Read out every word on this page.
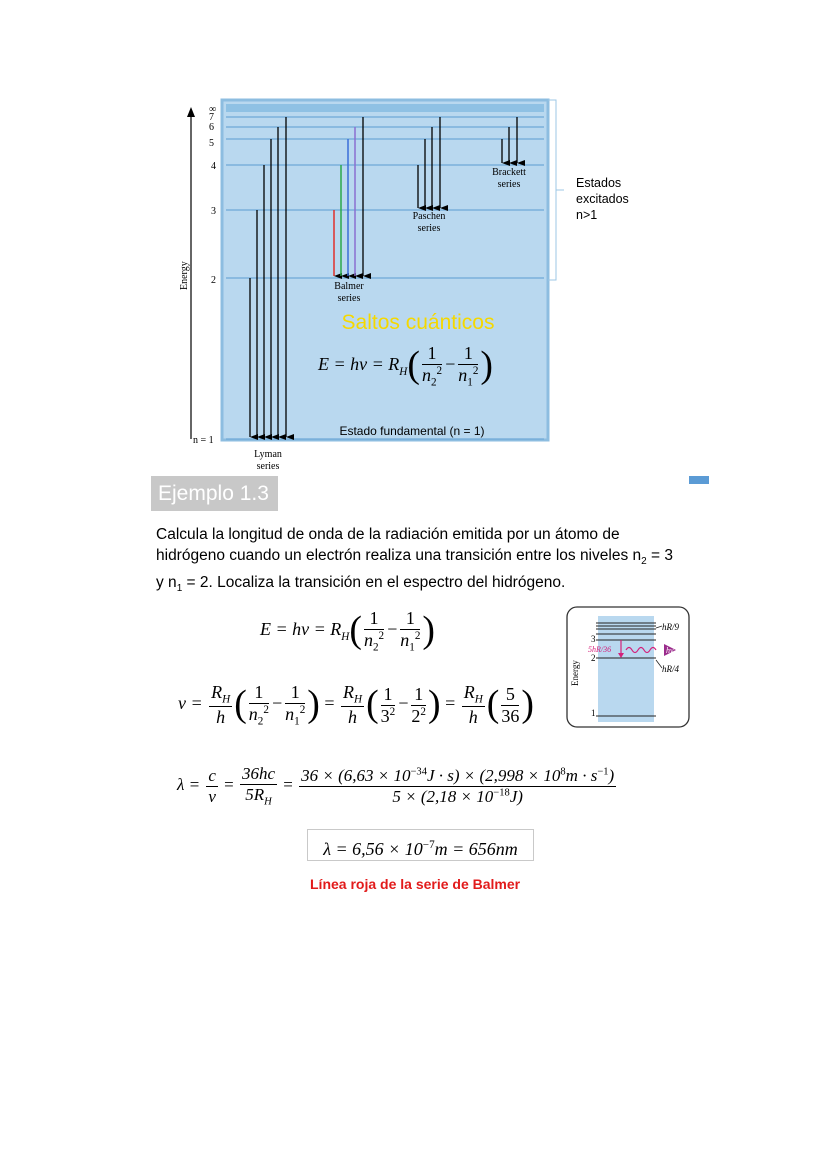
Energy
∞
7
6
5
4
3
2
n = 1
Lyman series
Balmer series
Paschen series
Brackett series
Saltos cuánticos
Estado fundamental (n = 1)
$E = h\nu = R_H( \frac{1}{n_2^2} - \frac{1}{n_1^2}$ )
Estados
excitados
n>1
Ejemplo 1.3
Calcula la longitud de onda de la radiación emitida por un átomo de
hidrógeno cuando un electrón realiza una transición entre los niveles $n_2 = 3$
y $n_1 = 2$. Localiza la transición en el espectro del hidrógeno.
$E = h\nu = R_H( \frac{1}{n_2^2} - \frac{1}{n_1^2}$ )
$\nu = \frac{R_H}{h}$ ( $\frac{1}{n_2^2} - \frac{1}{n_1^2}$ ) = $\frac{R_H}{h}$ ( $\frac{1}{3^2} - \frac{1}{2^2}$ ) = $\frac{R_H}{h}$ ( $\frac{5}{36}$ )
$\lambda = \frac{c}{\nu} = \frac{36hc}{5R_H} = \frac{36 \times (6,63 \times 10^{-34}J \cdot s) \times (2,998 \times 10^8m \cdot s^{-1})}{5 \times (2,18 \times 10^{-18}J)}$
$\lambda = 6,56 \times 10^{-7}m = 656nm$
Línea roja de la serie de Balmer
Energy
3
2
1
hR/9
hR/4
5hR/36	hν
